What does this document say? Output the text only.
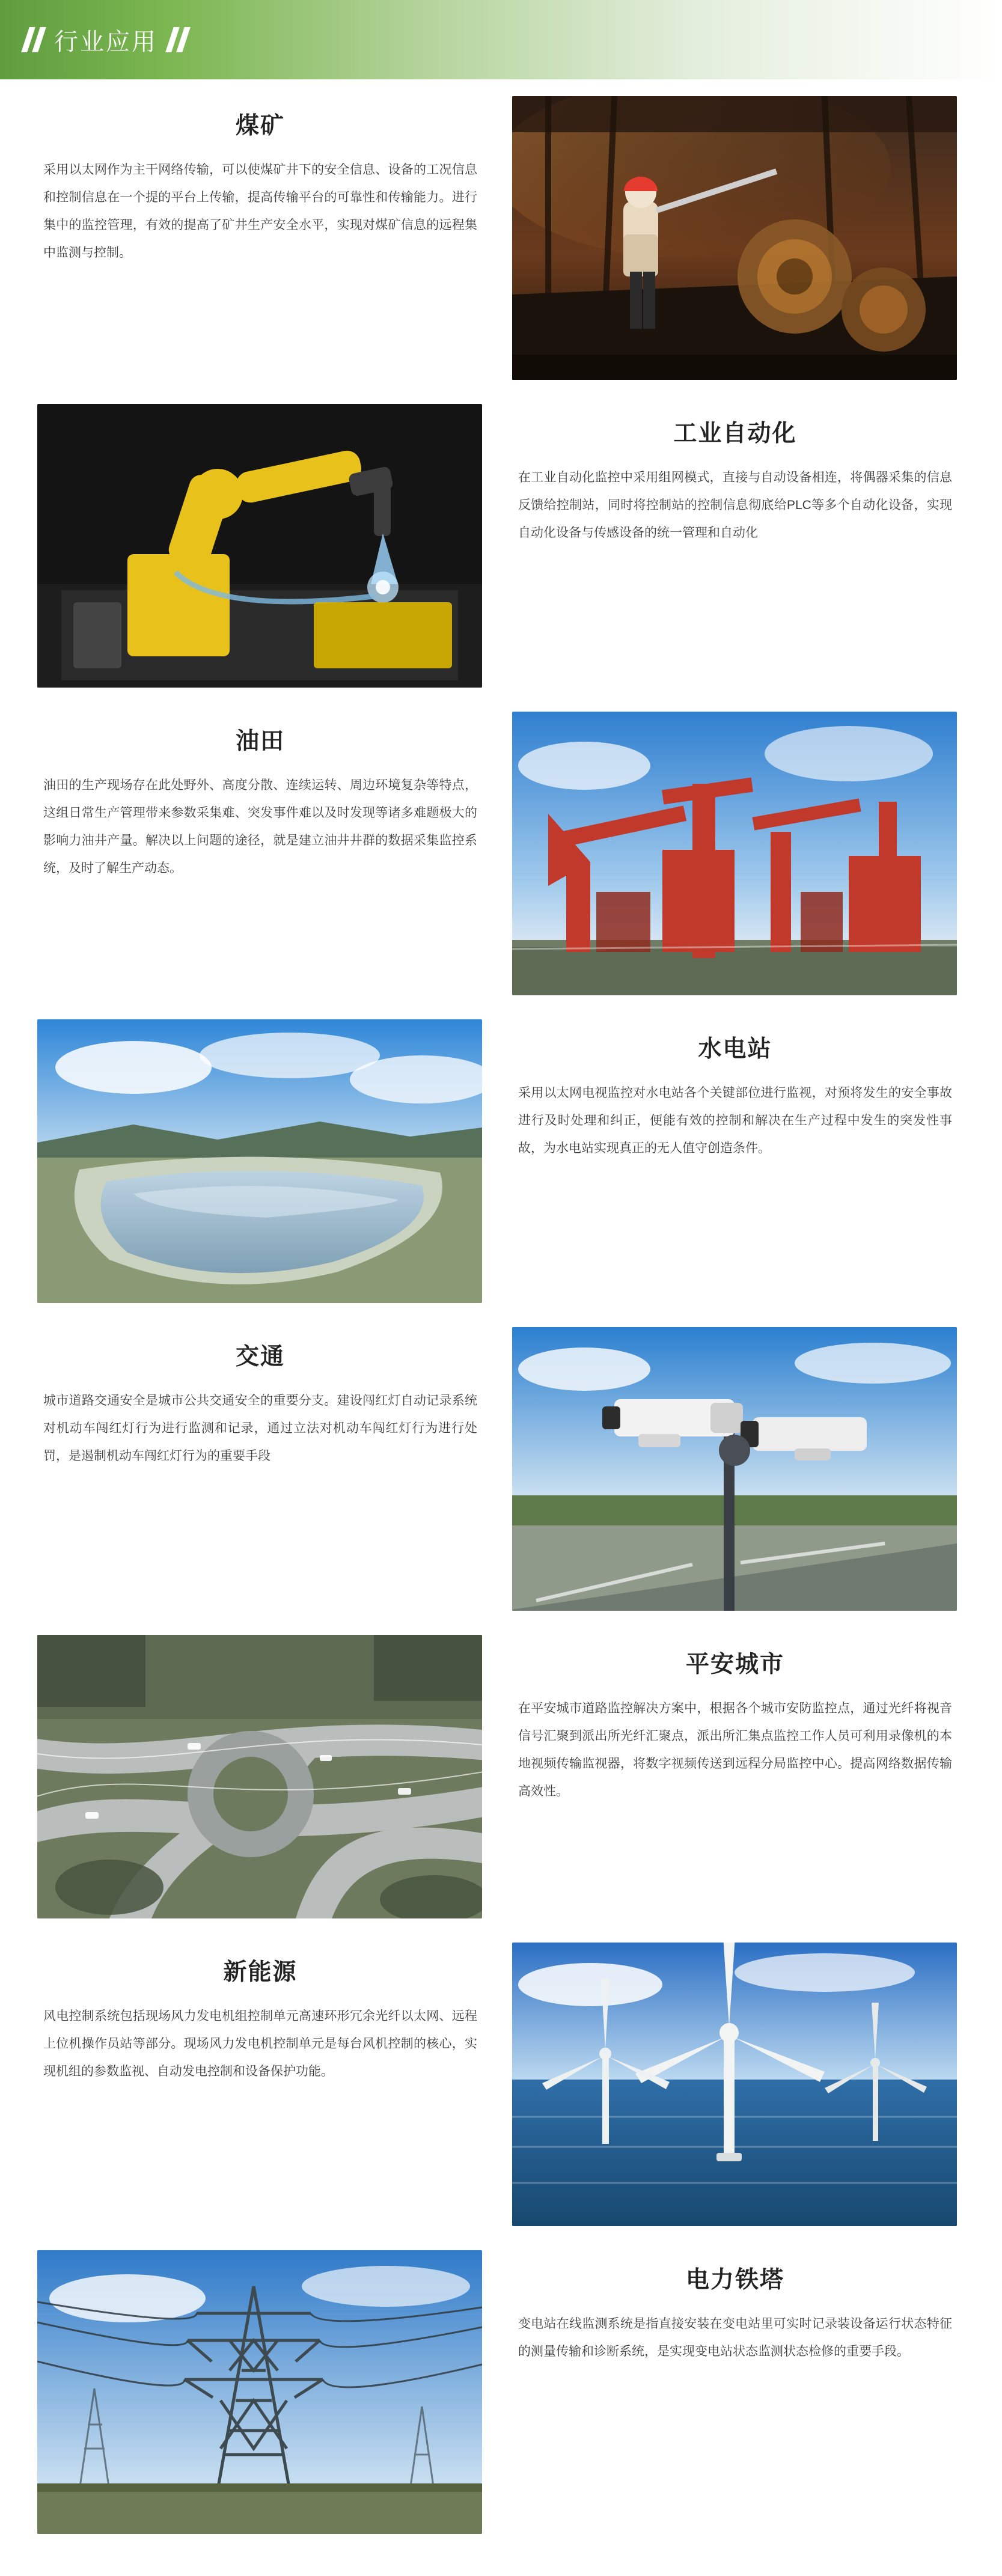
行业应用
煤矿
采用以太网作为主干网络传输，可以使煤矿井下的安全信息、设备的工况信息和控制信息在一个提的平台上传输，提高传输平台的可靠性和传输能力。进行集中的监控管理，有效的提高了矿井生产安全水平，实现对煤矿信息的远程集中监测与控制。
工业自动化
在工业自动化监控中采用组网模式，直接与自动设备相连，将偶器采集的信息反馈给控制站，同时将控制站的控制信息彻底给PLC等多个自动化设备，实现自动化设备与传感设备的统一管理和自动化
油田
油田的生产现场存在此处野外、高度分散、连续运转、周边环境复杂等特点，这组日常生产管理带来参数采集难、突发事件难以及时发现等诸多难题极大的影响力油井产量。解决以上问题的途径，就是建立油井井群的数据采集监控系统，及时了解生产动态。
水电站
采用以太网电视监控对水电站各个关键部位进行监视，对预将发生的安全事故进行及时处理和纠正，便能有效的控制和解决在生产过程中发生的突发性事故，为水电站实现真正的无人值守创造条件。
交通
城市道路交通安全是城市公共交通安全的重要分支。建设闯红灯自动记录系统对机动车闯红灯行为进行监测和记录，通过立法对机动车闯红灯行为进行处罚，是遏制机动车闯红灯行为的重要手段
平安城市
在平安城市道路监控解决方案中，根据各个城市安防监控点，通过光纤将视音信号汇聚到派出所光纤汇聚点，派出所汇集点监控工作人员可利用录像机的本地视频传输监视器，将数字视频传送到远程分局监控中心。提高网络数据传输高效性。
新能源
风电控制系统包括现场风力发电机组控制单元高速环形冗余光纤以太网、远程上位机操作员站等部分。现场风力发电机控制单元是每台风机控制的核心，实现机组的参数监视、自动发电控制和设备保护功能。
电力铁塔
变电站在线监测系统是指直接安装在变电站里可实时记录装设备运行状态特征的测量传输和诊断系统，是实现变电站状态监测状态检修的重要手段。
